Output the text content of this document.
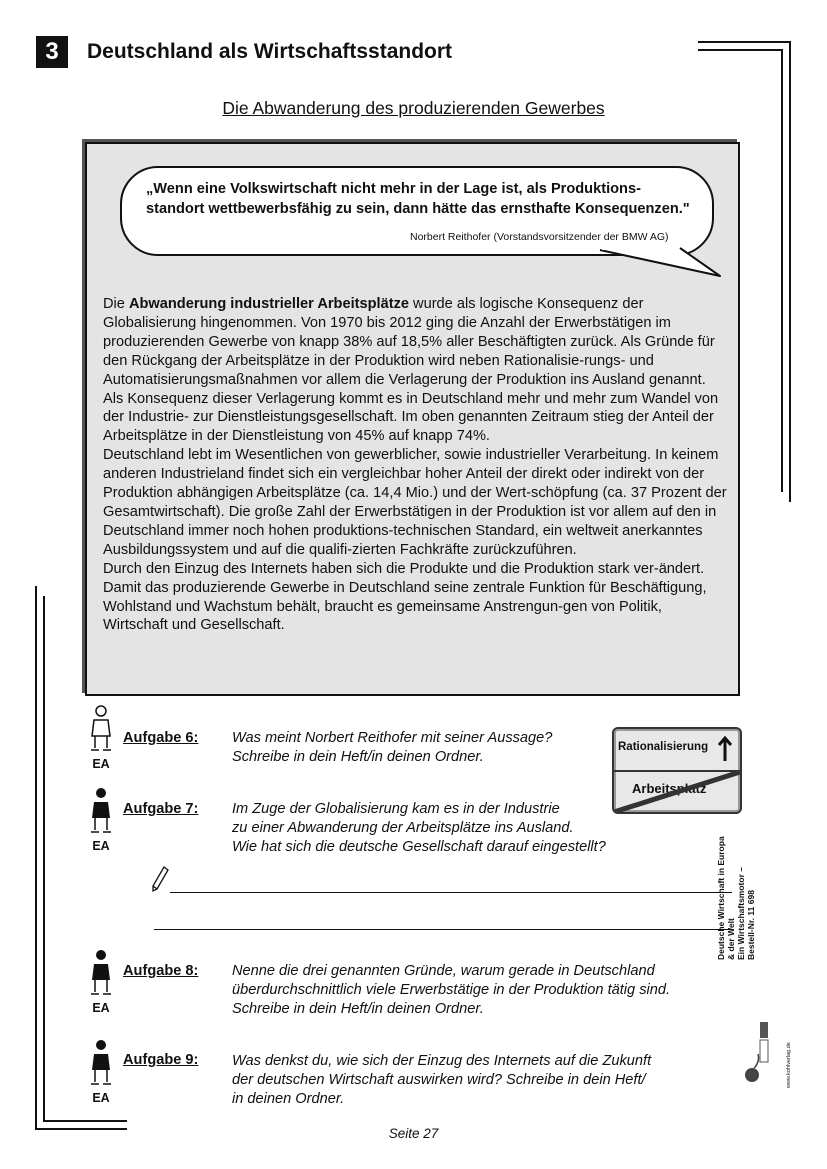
3	Deutschland als Wirtschaftsstandort
Die Abwanderung des produzierenden Gewerbes
„Wenn eine Volkswirtschaft nicht mehr in der Lage ist, als Produktions-standort wettbewerbsfähig zu sein, dann hätte das ernsthafte Konsequenzen."
Norbert Reithofer (Vorstandsvorsitzender der BMW AG)

Die Abwanderung industrieller Arbeitsplätze wurde als logische Konsequenz der Globalisierung hingenommen. Von 1970 bis 2012 ging die Anzahl der Erwerbstätigen im produzierenden Gewerbe von knapp 38% auf 18,5% aller Beschäftigten zurück. Als Gründe für den Rückgang der Arbeitsplätze in der Produktion wird neben Rationalisie-rungs- und Automatisierungsmaßnahmen vor allem die Verlagerung der Produktion ins Ausland genannt. Als Konsequenz dieser Verlagerung kommt es in Deutschland mehr und mehr zum Wandel von der Industrie- zur Dienstleistungsgesellschaft. Im oben genannten Zeitraum stieg der Anteil der Arbeitsplätze in der Dienstleistung von 45% auf knapp 74%.

Deutschland lebt im Wesentlichen von gewerblicher, sowie industrieller Verarbeitung. In keinem anderen Industrieland findet sich ein vergleichbar hoher Anteil der direkt oder indirekt von der Produktion abhängigen Arbeitsplätze (ca. 14,4 Mio.) und der Wert-schöpfung (ca. 37 Prozent der Gesamtwirtschaft). Die große Zahl der Erwerbstätigen in der Produktion ist vor allem auf den in Deutschland immer noch hohen produktions-technischen Standard, ein weltweit anerkanntes Ausbildungssystem und auf die qualifi-zierten Fachkräfte zurückzuführen.

Durch den Einzug des Internets haben sich die Produkte und die Produktion stark ver-ändert. Damit das produzierende Gewerbe in Deutschland seine zentrale Funktion für Beschäftigung, Wohlstand und Wachstum behält, braucht es gemeinsame Anstrengun-gen von Politik, Wirtschaft und Gesellschaft.

EA
Aufgabe 6: Was meint Norbert Reithofer mit seiner Aussage?
Schreibe in dein Heft/in deinen Ordner.
EA
Aufgabe 7: Im Zuge der Globalisierung kam es in der Industrie
zu einer Abwanderung der Arbeitsplätze ins Ausland.
Wie hat sich die deutsche Gesellschaft darauf eingestellt?
EA
Aufgabe 8: Nenne die drei genannten Gründe, warum gerade in Deutschland
überdurchschnittlich viele Erwerbstätige in der Produktion tätig sind.
Schreibe in dein Heft/in deinen Ordner.
EA
Aufgabe 9: Was denkst du, wie sich der Einzug des Internets auf die Zukunft
der deutschen Wirtschaft auswirken wird? Schreibe in dein Heft/
in deinen Ordner.
Rationalisierung
Arbeitsplatz
Deutsche Wirtschaft in Europa & der Welt Ein Wirtschaftsmotor – Bestell-Nr. 11 698
www.kohlverlag.de
Seite 27
